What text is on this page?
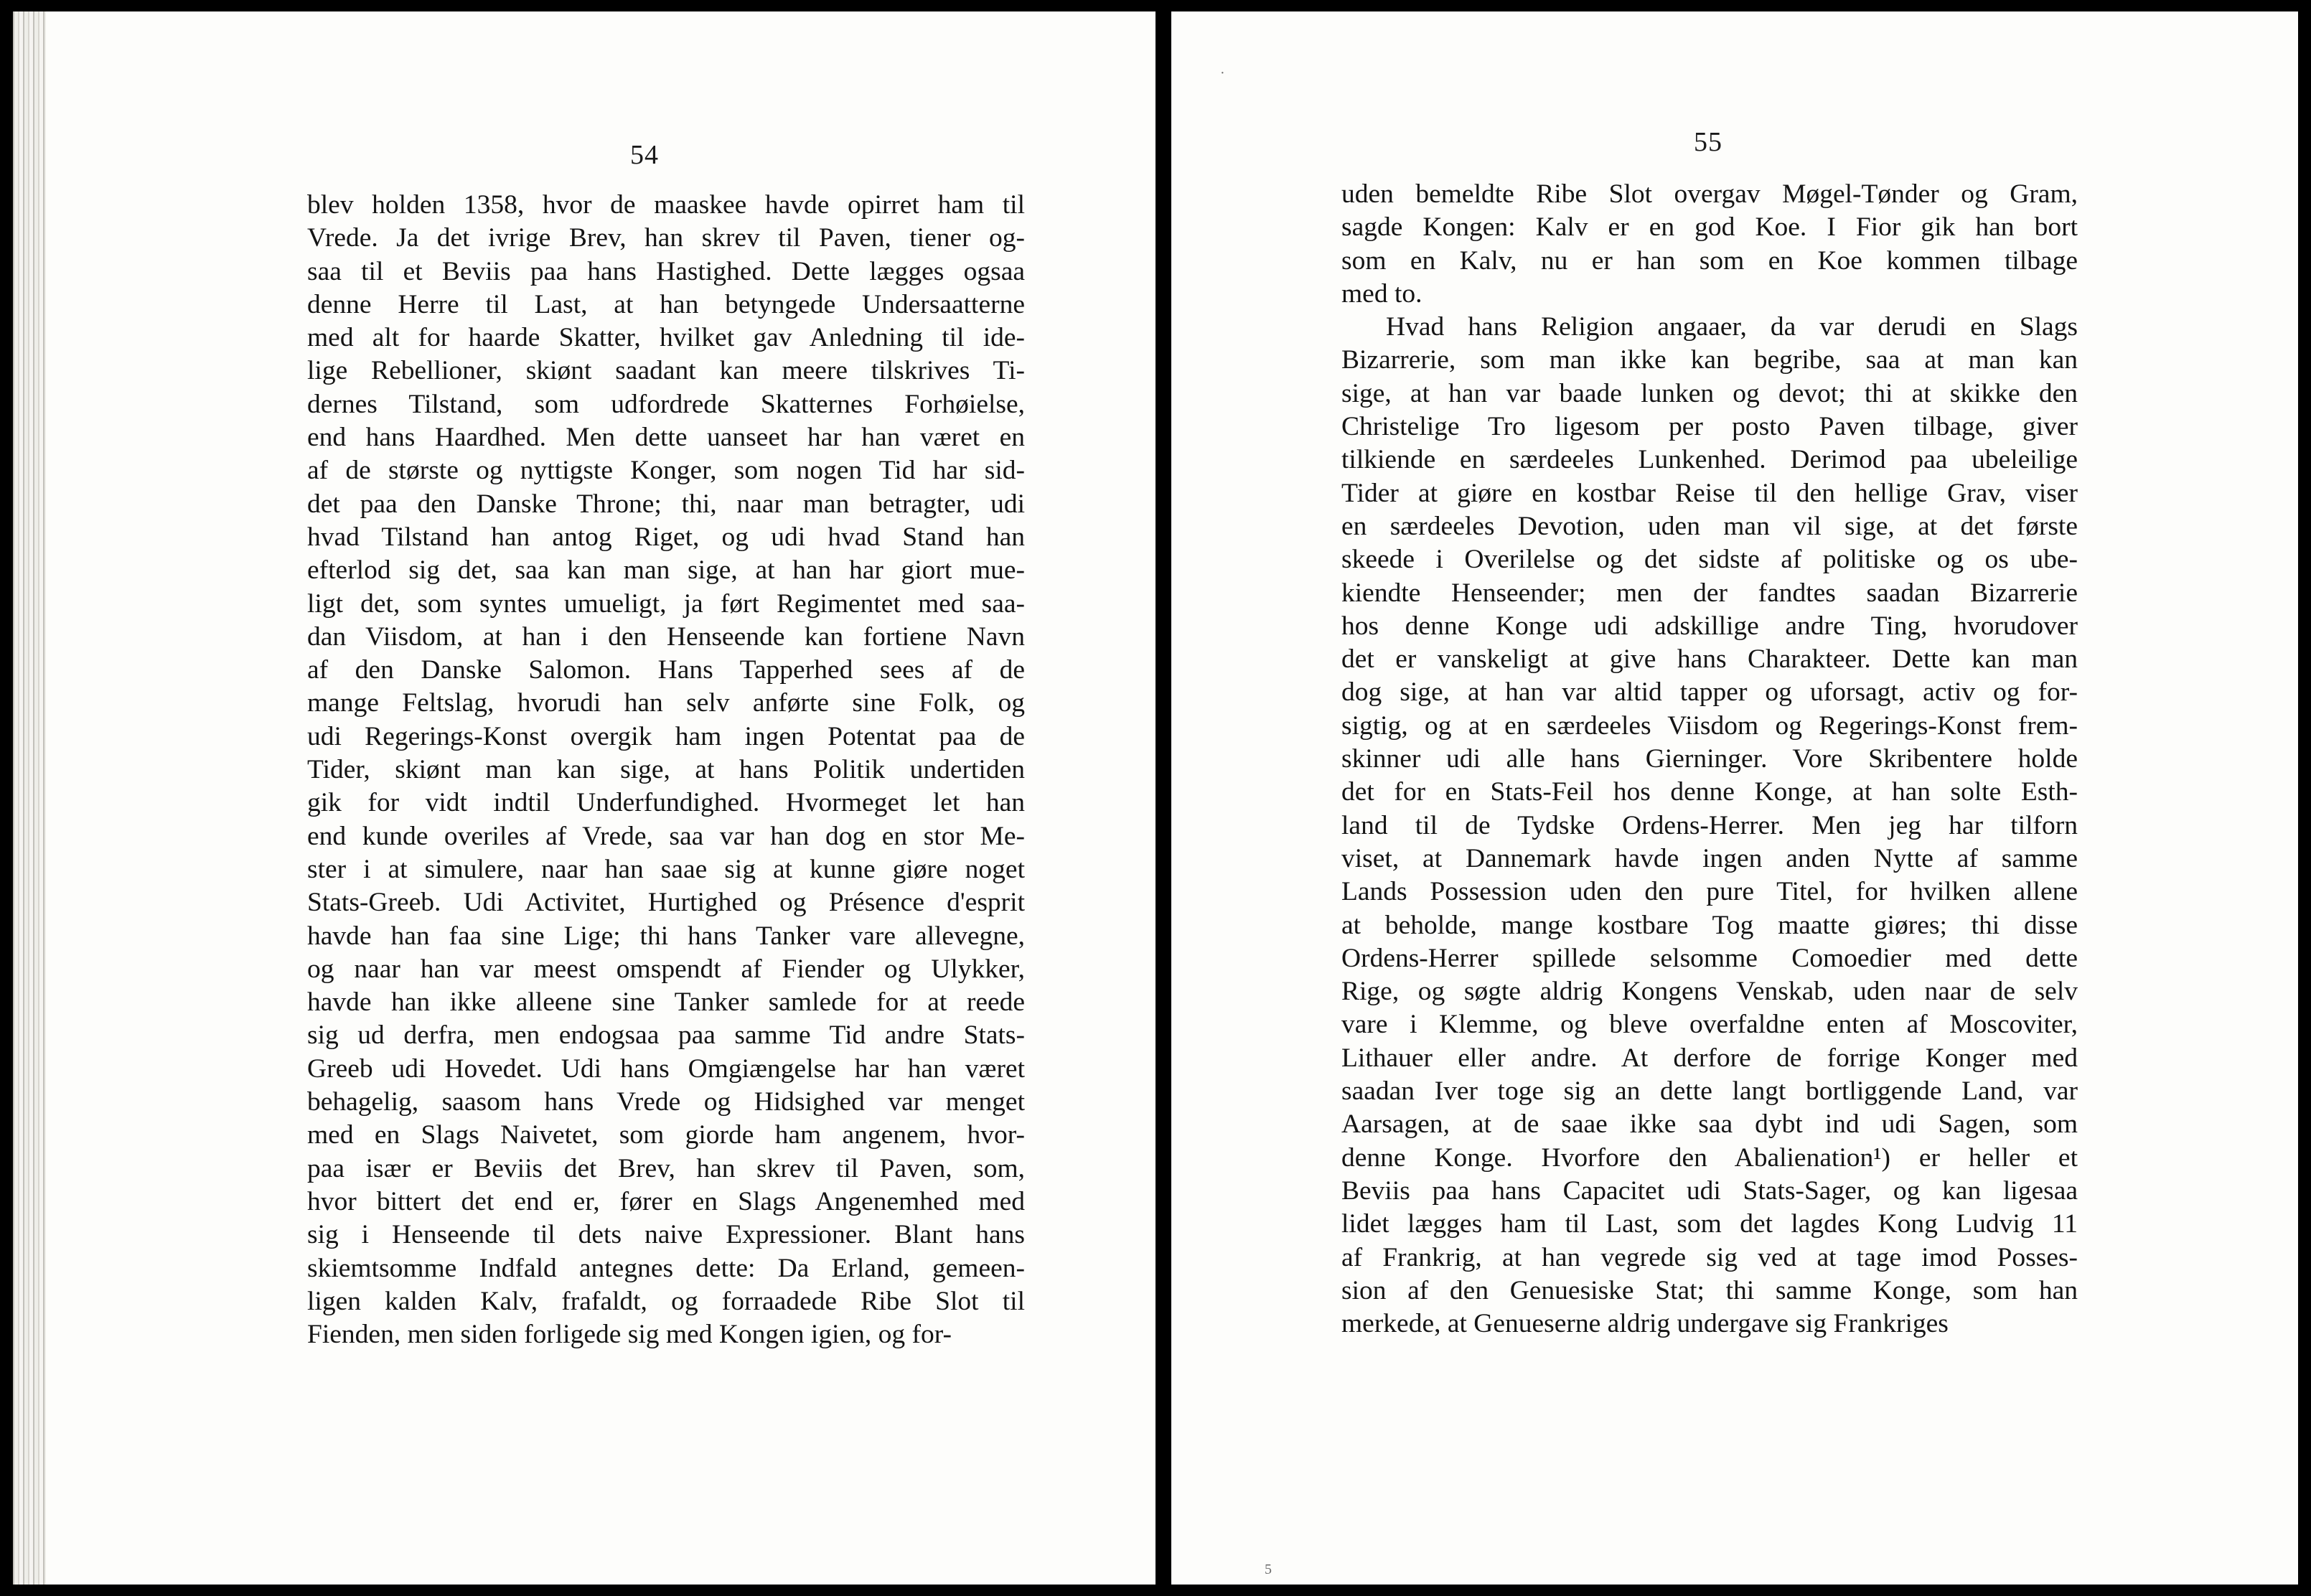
54
blev holden 1358, hvor de maaskee havde opirret ham til
Vrede. Ja det ivrige Brev, han skrev til Paven, tiener og-
saa til et Beviis paa hans Hastighed. Dette lægges ogsaa
denne Herre til Last, at han betyngede Undersaatterne
med alt for haarde Skatter, hvilket gav Anledning til ide-
lige Rebellioner, skiønt saadant kan meere tilskrives Ti-
dernes Tilstand, som udfordrede Skatternes Forhøielse,
end hans Haardhed. Men dette uanseet har han været en
af de største og nyttigste Konger, som nogen Tid har sid-
det paa den Danske Throne; thi, naar man betragter, udi
hvad Tilstand han antog Riget, og udi hvad Stand han
efterlod sig det, saa kan man sige, at han har giort mue-
ligt det, som syntes umueligt, ja ført Regimentet med saa-
dan Viisdom, at han i den Henseende kan fortiene Navn
af den Danske Salomon. Hans Tapperhed sees af de
mange Feltslag, hvorudi han selv anførte sine Folk, og
udi Regerings-Konst overgik ham ingen Potentat paa de
Tider, skiønt man kan sige, at hans Politik undertiden
gik for vidt indtil Underfundighed. Hvormeget let han
end kunde overiles af Vrede, saa var han dog en stor Me-
ster i at simulere, naar han saae sig at kunne giøre noget
Stats-Greeb. Udi Activitet, Hurtighed og Présence d'esprit
havde han faa sine Lige; thi hans Tanker vare allevegne,
og naar han var meest omspendt af Fiender og Ulykker,
havde han ikke alleene sine Tanker samlede for at reede
sig ud derfra, men endogsaa paa samme Tid andre Stats-
Greeb udi Hovedet. Udi hans Omgiængelse har han været
behagelig, saasom hans Vrede og Hidsighed var menget
med en Slags Naivetet, som giorde ham angenem, hvor-
paa især er Beviis det Brev, han skrev til Paven, som,
hvor bittert det end er, fører en Slags Angenemhed med
sig i Henseende til dets naive Expressioner. Blant hans
skiemtsomme Indfald antegnes dette: Da Erland, gemeen-
ligen kalden Kalv, frafaldt, og forraadede Ribe Slot til
Fienden, men siden forligede sig med Kongen igien, og for-
·
55
uden bemeldte Ribe Slot overgav Møgel-Tønder og Gram,
sagde Kongen: Kalv er en god Koe. I Fior gik han bort
som en Kalv, nu er han som en Koe kommen tilbage
med to.
Hvad hans Religion angaaer, da var derudi en Slags
Bizarrerie, som man ikke kan begribe, saa at man kan
sige, at han var baade lunken og devot; thi at skikke den
Christelige Tro ligesom per posto Paven tilbage, giver
tilkiende en særdeeles Lunkenhed. Derimod paa ubeleilige
Tider at giøre en kostbar Reise til den hellige Grav, viser
en særdeeles Devotion, uden man vil sige, at det første
skeede i Overilelse og det sidste af politiske og os ube-
kiendte Henseender; men der fandtes saadan Bizarrerie
hos denne Konge udi adskillige andre Ting, hvorudover
det er vanskeligt at give hans Charakteer. Dette kan man
dog sige, at han var altid tapper og uforsagt, activ og for-
sigtig, og at en særdeeles Viisdom og Regerings-Konst frem-
skinner udi alle hans Gierninger. Vore Skribentere holde
det for en Stats-Feil hos denne Konge, at han solte Esth-
land til de Tydske Ordens-Herrer. Men jeg har tilforn
viset, at Dannemark havde ingen anden Nytte af samme
Lands Possession uden den pure Titel, for hvilken allene
at beholde, mange kostbare Tog maatte giøres; thi disse
Ordens-Herrer spillede selsomme Comoedier med dette
Rige, og søgte aldrig Kongens Venskab, uden naar de selv
vare i Klemme, og bleve overfaldne enten af Moscoviter,
Lithauer eller andre. At derfore de forrige Konger med
saadan Iver toge sig an dette langt bortliggende Land, var
Aarsagen, at de saae ikke saa dybt ind udi Sagen, som
denne Konge. Hvorfore den Abalienation¹) er heller et
Beviis paa hans Capacitet udi Stats-Sager, og kan ligesaa
lidet lægges ham til Last, som det lagdes Kong Ludvig 11
af Frankrig, at han vegrede sig ved at tage imod Posses-
sion af den Genuesiske Stat; thi samme Konge, som han
merkede, at Genueserne aldrig undergave sig Frankriges
5
